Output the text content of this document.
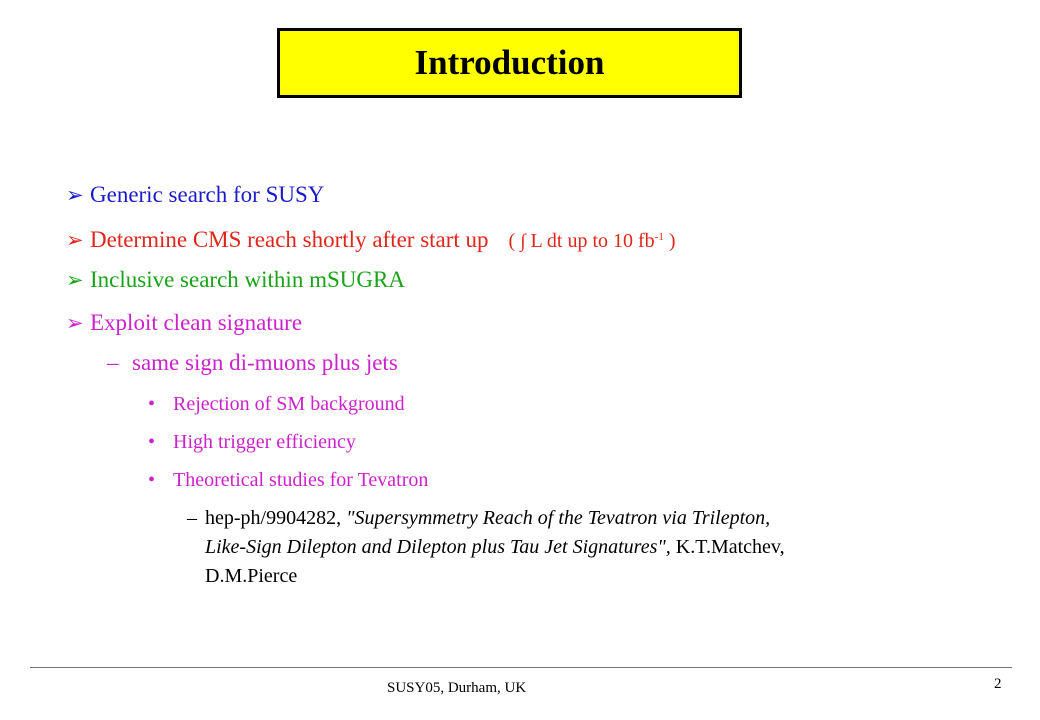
Introduction
➢ Generic search for SUSY
➢ Determine CMS reach shortly after start up ( ∫ L dt up to 10 $fb^{-1}$ )
➢ Inclusive search within mSUGRA
➢ Exploit clean signature
– same sign di-muons plus jets
• Rejection of SM background
• High trigger efficiency
• Theoretical studies for Tevatron
– hep-ph/9904282, "Supersymmetry Reach of the Tevatron via Trilepton,
Like-Sign Dilepton and Dilepton plus Tau Jet Signatures", K.T.Matchev,
D.M.Pierce
SUSY05, Durham, UK	2
